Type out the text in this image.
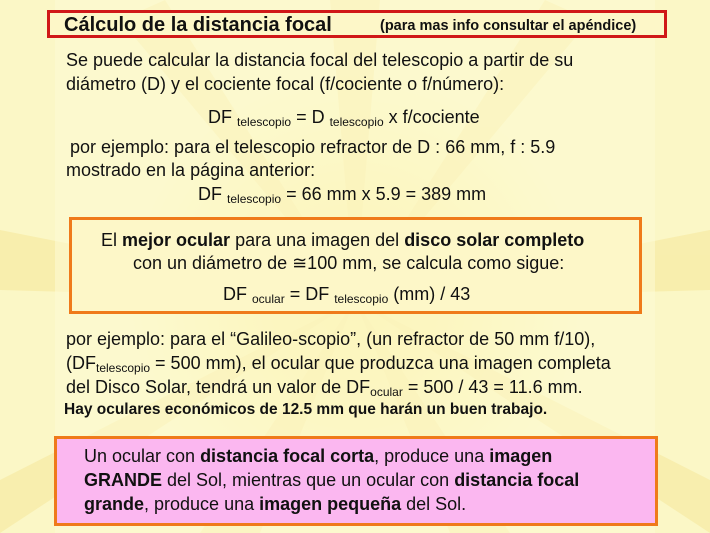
Cálculo de la distancia focal	(para mas info consultar el apéndice)
Se puede calcular la distancia focal del telescopio a partir de su
diámetro (D) y el cociente focal (f/cociente o f/número):
DF $_{telescopio}$ = D $_{telescopio}$ x f/cociente
por ejemplo: para el telescopio refractor de D : 66 mm, f : 5.9
mostrado en la página anterior:
DF $_{telescopio}$ = 66 mm x 5.9 = 389 mm
El mejor ocular para una imagen del disco solar completo
con un diámetro de ≅100 mm, se calcula como sigue:
DF $_{ocular}$ = DF $_{telescopio}$ (mm) / 43
por ejemplo: para el “Galileo-scopio”, (un refractor de 50 mm f/10),
($DF_{telescopio} = 500$ mm), el ocular que produzca una imagen completa
del Disco Solar, tendrá un valor de $DF_{ocular} = 500 / 43 = 11.6$ mm.
Hay oculares económicos de 12.5 mm que harán un buen trabajo.
Un ocular con distancia focal corta, produce una imagen
GRANDE del Sol, mientras que un ocular con distancia focal
grande, produce una imagen pequeña del Sol.
